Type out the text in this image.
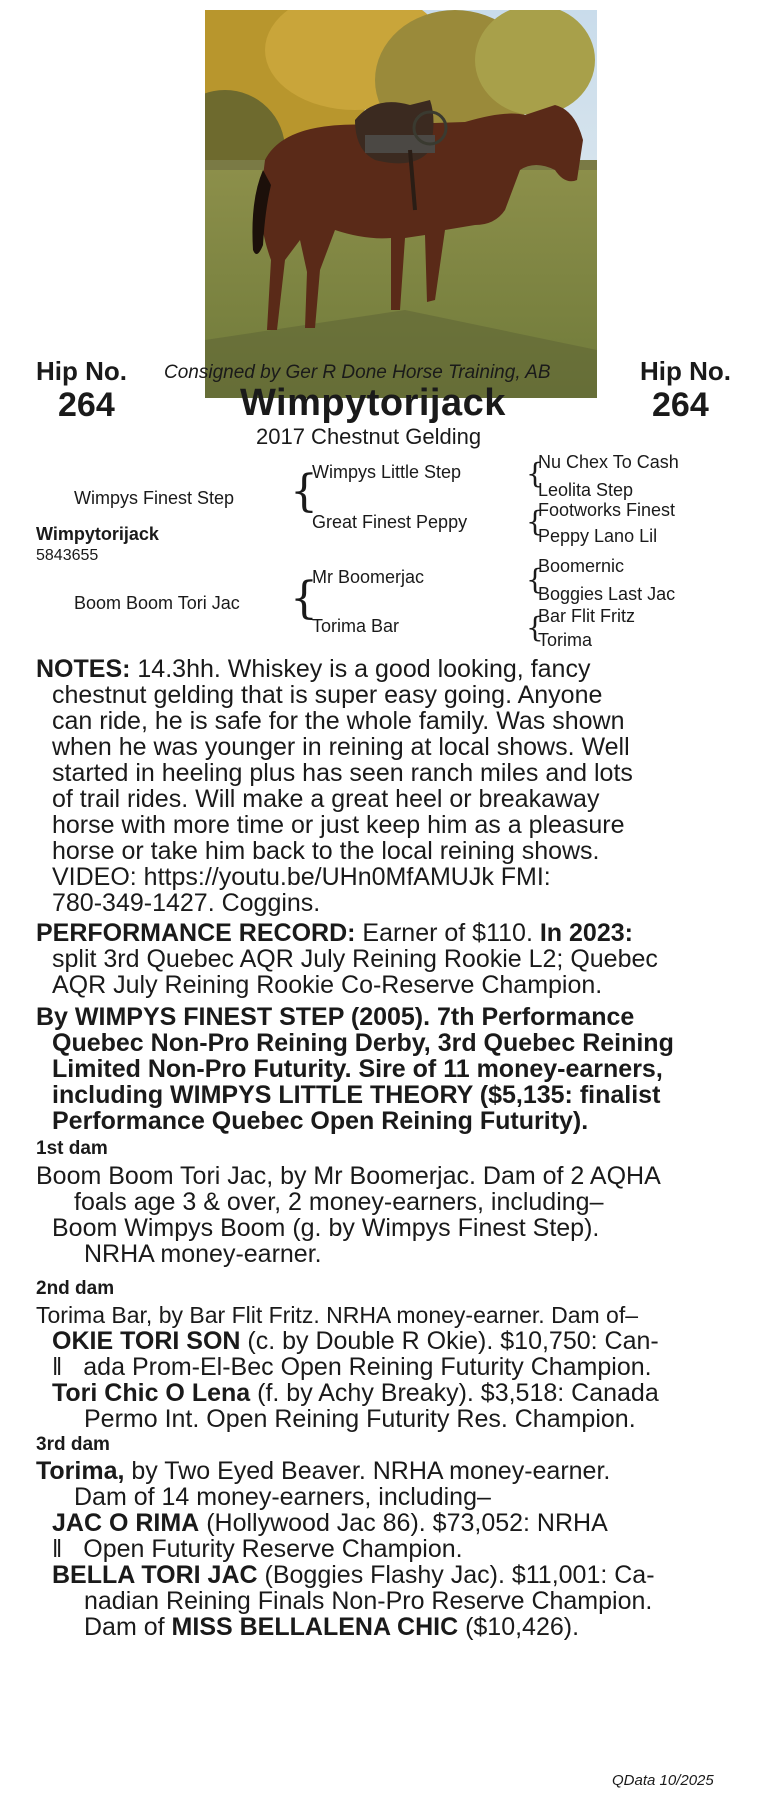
Hip No.
264
Consigned by Ger R Done Horse Training, AB	Hip No.
264
Wimpytorijack
2017 Chestnut Gelding
Wimpys Finest Step
Wimpytorijack
5843655
Boom Boom Tori Jac
{
{
Wimpys Little Step
Great Finest Peppy
Mr Boomerjac
Torima Bar
{
{
{
{
Nu Chex To Cash
Leolita Step
Footworks Finest
Peppy Lano Lil
Boomernic
Boggies Last Jac
Bar Flit Fritz
Torima
NOTES: 14.3hh. Whiskey is a good looking, fancy
chestnut gelding that is super easy going. Anyone
can ride, he is safe for the whole family. Was shown
when he was younger in reining at local shows. Well
started in heeling plus has seen ranch miles and lots
of trail rides. Will make a great heel or breakaway
horse with more time or just keep him as a pleasure
horse or take him back to the local reining shows.
VIDEO: https://youtu.be/UHn0MfAMUJk FMI:
780-349-1427. Coggins.
PERFORMANCE RECORD: Earner of $110. In 2023:
split 3rd Quebec AQR July Reining Rookie L2; Quebec
AQR July Reining Rookie Co-Reserve Champion.
By WIMPYS FINEST STEP (2005). 7th Performance
Quebec Non-Pro Reining Derby, 3rd Quebec Reining
Limited Non-Pro Futurity. Sire of 11 money-earners,
including WIMPYS LITTLE THEORY ($5,135: finalist
Performance Quebec Open Reining Futurity).
1st dam
Boom Boom Tori Jac, by Mr Boomerjac. Dam of 2 AQHA
foals age 3 & over, 2 money-earners, including–
Boom Wimpys Boom (g. by Wimpys Finest Step).
NRHA money-earner.
2nd dam
Torima Bar, by Bar Flit Fritz. NRHA money-earner. Dam of–
OKIE TORI SON (c. by Double R Okie). $10,750: Can-
‖ ada Prom-El-Bec Open Reining Futurity Champion.
Tori Chic O Lena (f. by Achy Breaky). $3,518: Canada
Permo Int. Open Reining Futurity Res. Champion.
3rd dam
Torima, by Two Eyed Beaver. NRHA money-earner.
Dam of 14 money-earners, including–
JAC O RIMA (Hollywood Jac 86). $73,052: NRHA
‖ Open Futurity Reserve Champion.
BELLA TORI JAC (Boggies Flashy Jac). $11,001: Ca-
nadian Reining Finals Non-Pro Reserve Champion.
Dam of MISS BELLALENA CHIC ($10,426).
QData 10/2025
